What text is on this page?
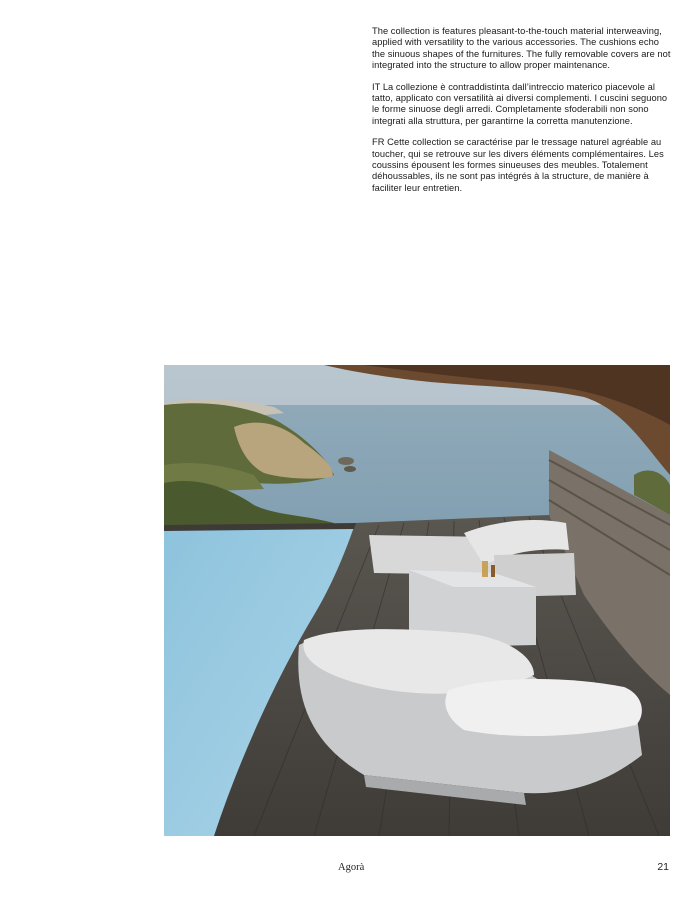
The collection is features pleasant-to-the-touch material interweaving, applied with versatility to the various accessories. The cushions echo the sinuous shapes of the furnitures. The fully removable covers are not integrated into the structure to allow proper maintenance.

IT La collezione è contraddistinta dall’intreccio materico piacevole al tatto, applicato con versatilità ai diversi complementi. I cuscini seguono le forme sinuose degli arredi. Completamente sfoderabili non sono integrati alla struttura, per garantirne la corretta manutenzione.

FR Cette collection se caractérise par le tressage naturel agréable au toucher, qui se retrouve sur les divers éléments complémentaires. Les coussins épousent les formes sinueuses des meubles. Totalement déhoussables, ils ne sont pas intégrés à la structure, de manière à faciliter leur entretien.

Agorà	21
